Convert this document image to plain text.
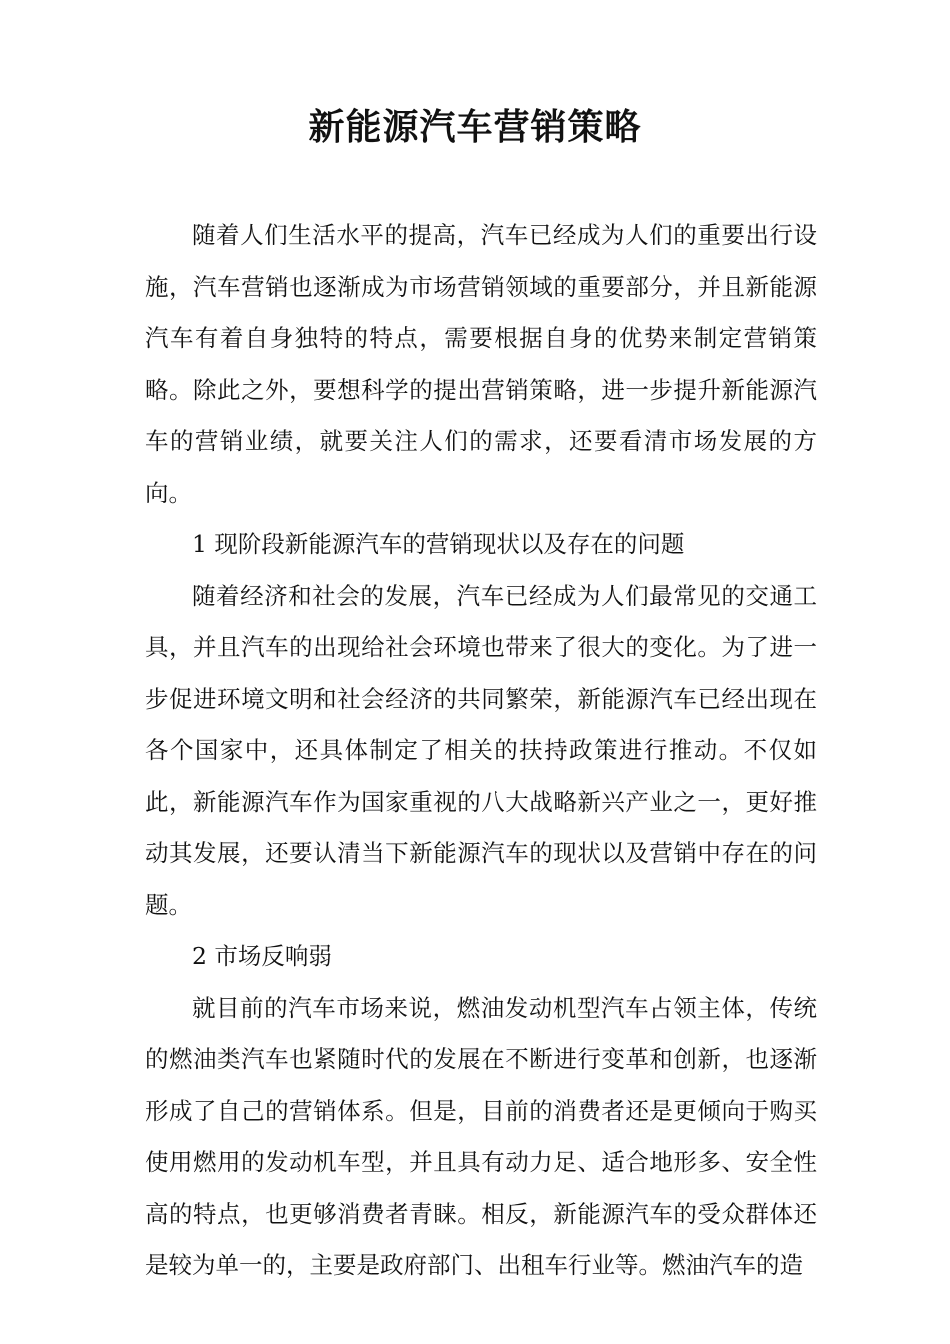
新能源汽车营销策略

随着人们生活水平的提高，汽车已经成为人们的重要出行设施，汽车营销也逐渐成为市场营销领域的重要部分，并且新能源汽车有着自身独特的特点，需要根据自身的优势来制定营销策略。除此之外，要想科学的提出营销策略，进一步提升新能源汽车的营销业绩，就要关注人们的需求，还要看清市场发展的方向。

1 现阶段新能源汽车的营销现状以及存在的问题

随着经济和社会的发展，汽车已经成为人们最常见的交通工具，并且汽车的出现给社会环境也带来了很大的变化。为了进一步促进环境文明和社会经济的共同繁荣，新能源汽车已经出现在各个国家中，还具体制定了相关的扶持政策进行推动。不仅如此，新能源汽车作为国家重视的八大战略新兴产业之一，更好推动其发展，还要认清当下新能源汽车的现状以及营销中存在的问题。

2 市场反响弱

就目前的汽车市场来说，燃油发动机型汽车占领主体，传统的燃油类汽车也紧随时代的发展在不断进行变革和创新，也逐渐形成了自己的营销体系。但是，目前的消费者还是更倾向于购买使用燃用的发动机车型，并且具有动力足、适合地形多、安全性高的特点，也更够消费者青睐。相反，新能源汽车的受众群体还是较为单一的，主要是政府部门、出租车行业等。燃油汽车的造
